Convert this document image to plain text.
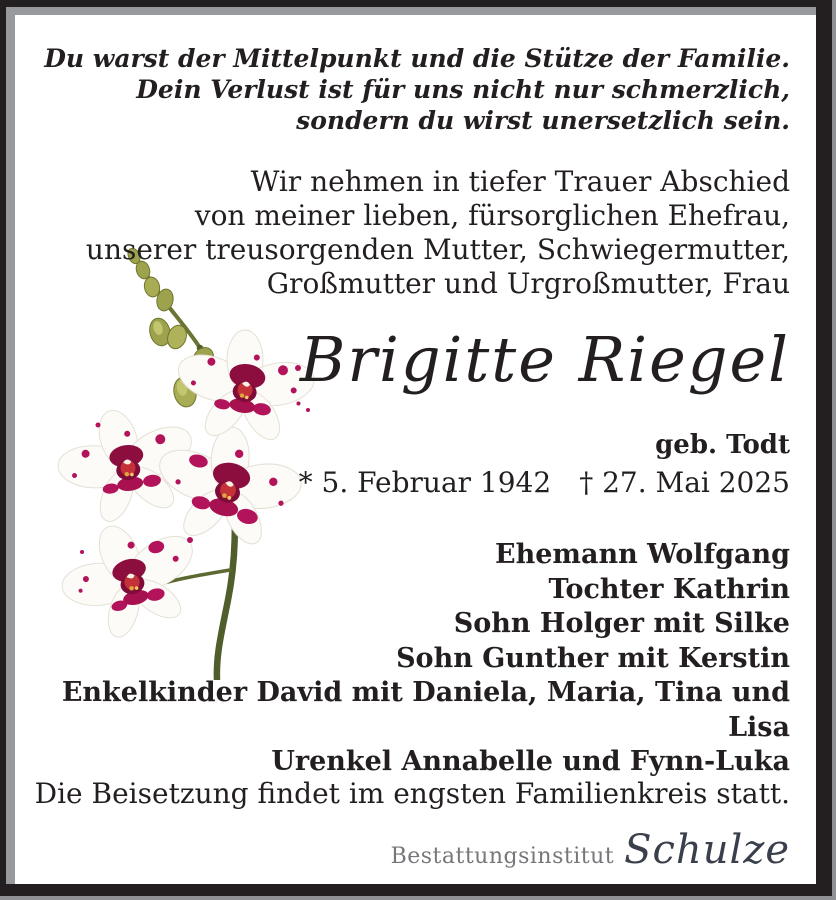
Du warst der Mittelpunkt und die Stütze der Familie.
Dein Verlust ist für uns nicht nur schmerzlich,
sondern du wirst unersetzlich sein.
Wir nehmen in tiefer Trauer Abschied
von meiner lieben, fürsorglichen Ehefrau,
unserer treusorgenden Mutter, Schwiegermutter,
Großmutter und Urgroßmutter, Frau
Brigitte Riegel
geb. Todt
* 5. Februar 1942 † 27. Mai 2025
Ehemann Wolfgang
Tochter Kathrin
Sohn Holger mit Silke
Sohn Gunther mit Kerstin
Enkelkinder David mit Daniela, Maria, Tina und Lisa
Urenkel Annabelle und Fynn-Luka
Die Beisetzung findet im engsten Familienkreis statt.
Bestattungsinstitut Schulze
